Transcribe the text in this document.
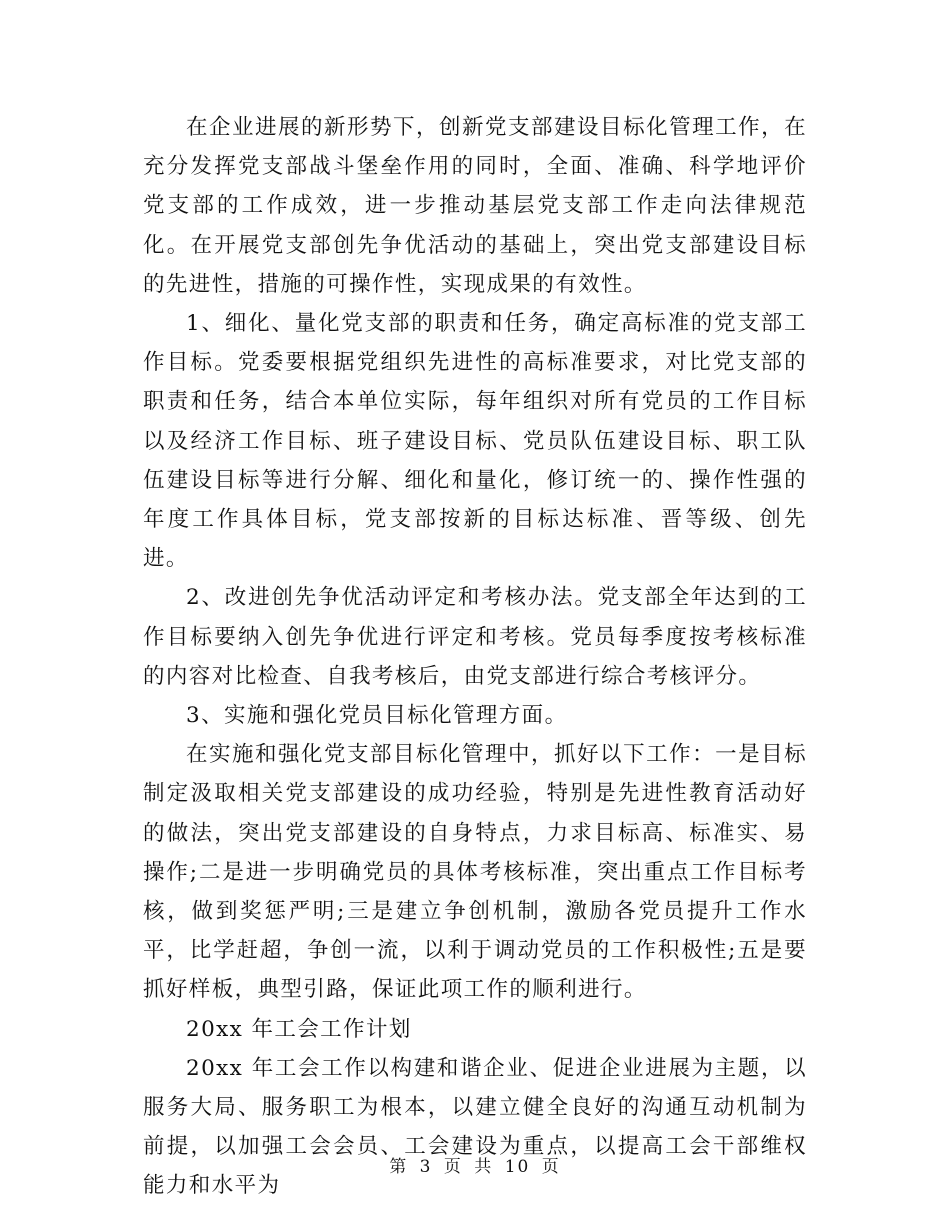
在企业进展的新形势下，创新党支部建设目标化管理工作，在充分发挥党支部战斗堡垒作用的同时，全面、准确、科学地评价党支部的工作成效，进一步推动基层党支部工作走向法律规范化。在开展党支部创先争优活动的基础上，突出党支部建设目标的先进性，措施的可操作性，实现成果的有效性。

1、细化、量化党支部的职责和任务，确定高标准的党支部工作目标。党委要根据党组织先进性的高标准要求，对比党支部的职责和任务，结合本单位实际，每年组织对所有党员的工作目标以及经济工作目标、班子建设目标、党员队伍建设目标、职工队伍建设目标等进行分解、细化和量化，修订统一的、操作性强的年度工作具体目标，党支部按新的目标达标准、晋等级、创先进。

2、改进创先争优活动评定和考核办法。党支部全年达到的工作目标要纳入创先争优进行评定和考核。党员每季度按考核标准的内容对比检查、自我考核后，由党支部进行综合考核评分。

3、实施和强化党员目标化管理方面。

在实施和强化党支部目标化管理中，抓好以下工作：一是目标制定汲取相关党支部建设的成功经验，特别是先进性教育活动好的做法，突出党支部建设的自身特点，力求目标高、标准实、易操作;二是进一步明确党员的具体考核标准，突出重点工作目标考核，做到奖惩严明;三是建立争创机制，激励各党员提升工作水平，比学赶超，争创一流，以利于调动党员的工作积极性;五是要抓好样板，典型引路，保证此项工作的顺利进行。

20xx 年工会工作计划

20xx 年工会工作以构建和谐企业、促进企业进展为主题，以服务大局、服务职工为根本，以建立健全良好的沟通互动机制为前提，以加强工会会员、工会建设为重点，以提高工会干部维权能力和水平为

第 3 页 共 10 页
